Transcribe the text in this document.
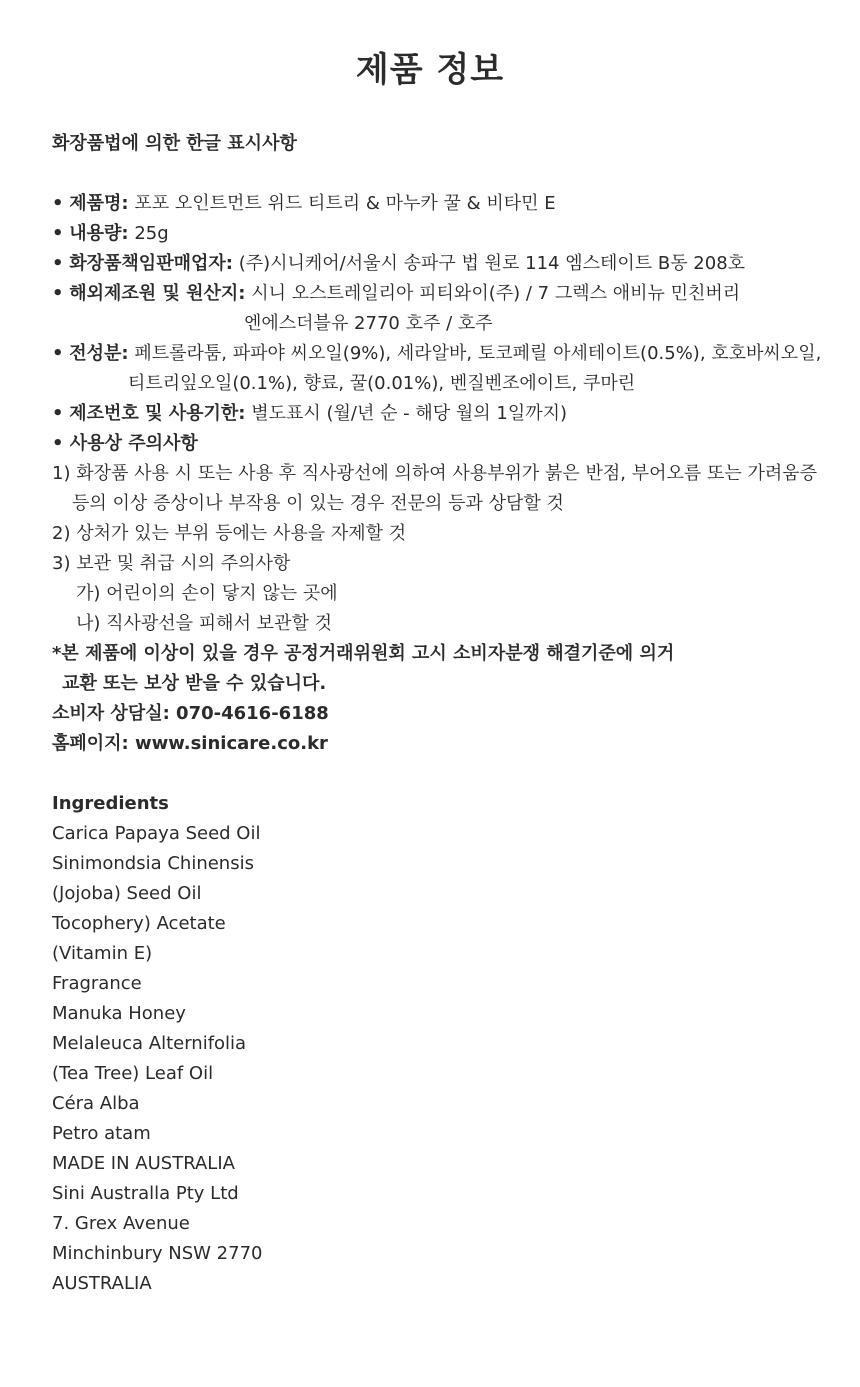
제품 정보
화장품법에 의한 한글 표시사항
• 제품명: 포포 오인트먼트 위드 티트리 & 마누카 꿀 & 비타민 E
• 내용량: 25g
• 화장품책임판매업자: (주)시니케어/서울시 송파구 법 원로 114 엠스테이트 B동 208호
• 해외제조원 및 원산지: 시니 오스트레일리아 피티와이(주) / 7 그렉스 애비뉴 민친버리
엔에스더블유 2770 호주 / 호주
• 전성분: 페트롤라툼, 파파야 씨오일(9%), 세라알바, 토코페릴 아세테이트(0.5%), 호호바씨오일,
티트리잎오일(0.1%), 향료, 꿀(0.01%), 벤질벤조에이트, 쿠마린
• 제조번호 및 사용기한: 별도표시 (월/년 순 - 해당 월의 1일까지)
• 사용상 주의사항
1) 화장품 사용 시 또는 사용 후 직사광선에 의하여 사용부위가 붉은 반점, 부어오름 또는 가려움증
등의 이상 증상이나 부작용 이 있는 경우 전문의 등과 상담할 것
2) 상처가 있는 부위 등에는 사용을 자제할 것
3) 보관 및 취급 시의 주의사항
가) 어린이의 손이 닿지 않는 곳에
나) 직사광선을 피해서 보관할 것
*본 제품에 이상이 있을 경우 공정거래위원회 고시 소비자분쟁 해결기준에 의거
교환 또는 보상 받을 수 있습니다.
소비자 상담실: 070-4616-6188
홈페이지: www.sinicare.co.kr
Ingredients
Carica Papaya Seed Oil
Sinimondsia Chinensis
(Jojoba) Seed Oil
Tocophery) Acetate
(Vitamin E)
Fragrance
Manuka Honey
Melaleuca Alternifolia
(Tea Tree) Leaf Oil
Céra Alba
Petro atam
MADE IN AUSTRALIA
Sini Australla Pty Ltd
7. Grex Avenue
Minchinbury NSW 2770
AUSTRALIA
